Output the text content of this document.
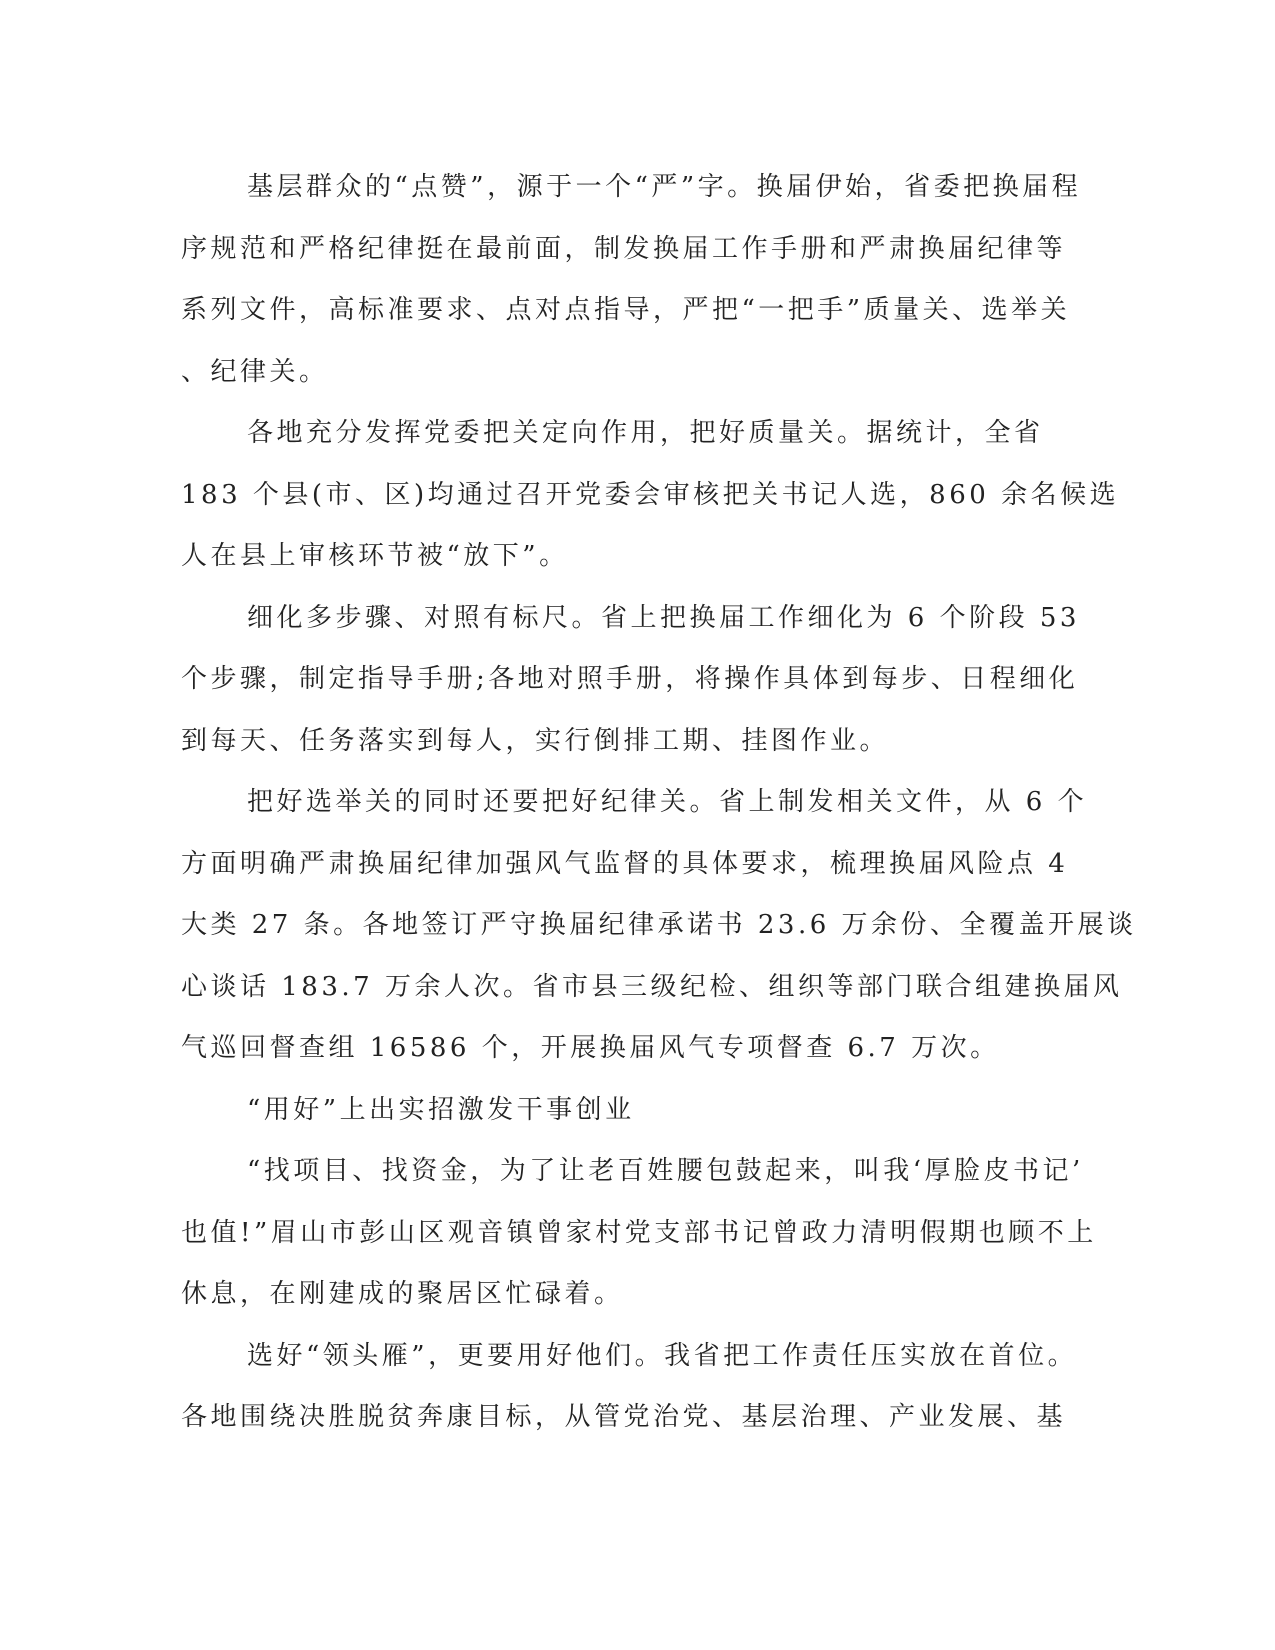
基层群众的“点赞”，源于一个“严”字。换届伊始，省委把换届程
序规范和严格纪律挺在最前面，制发换届工作手册和严肃换届纪律等
系列文件，高标准要求、点对点指导，严把“一把手”质量关、选举关
、纪律关。
各地充分发挥党委把关定向作用，把好质量关。据统计，全省
183 个县(市、区)均通过召开党委会审核把关书记人选，860 余名候选
人在县上审核环节被“放下”。
细化多步骤、对照有标尺。省上把换届工作细化为 6 个阶段 53
个步骤，制定指导手册;各地对照手册，将操作具体到每步、日程细化
到每天、任务落实到每人，实行倒排工期、挂图作业。
把好选举关的同时还要把好纪律关。省上制发相关文件，从 6 个
方面明确严肃换届纪律加强风气监督的具体要求，梳理换届风险点 4
大类 27 条。各地签订严守换届纪律承诺书 23.6 万余份、全覆盖开展谈
心谈话 183.7 万余人次。省市县三级纪检、组织等部门联合组建换届风
气巡回督查组 16586 个，开展换届风气专项督查 6.7 万次。
“用好”上出实招激发干事创业
“找项目、找资金，为了让老百姓腰包鼓起来，叫我‘厚脸皮书记’
也值!”眉山市彭山区观音镇曾家村党支部书记曾政力清明假期也顾不上
休息，在刚建成的聚居区忙碌着。
选好“领头雁”，更要用好他们。我省把工作责任压实放在首位。
各地围绕决胜脱贫奔康目标，从管党治党、基层治理、产业发展、基
